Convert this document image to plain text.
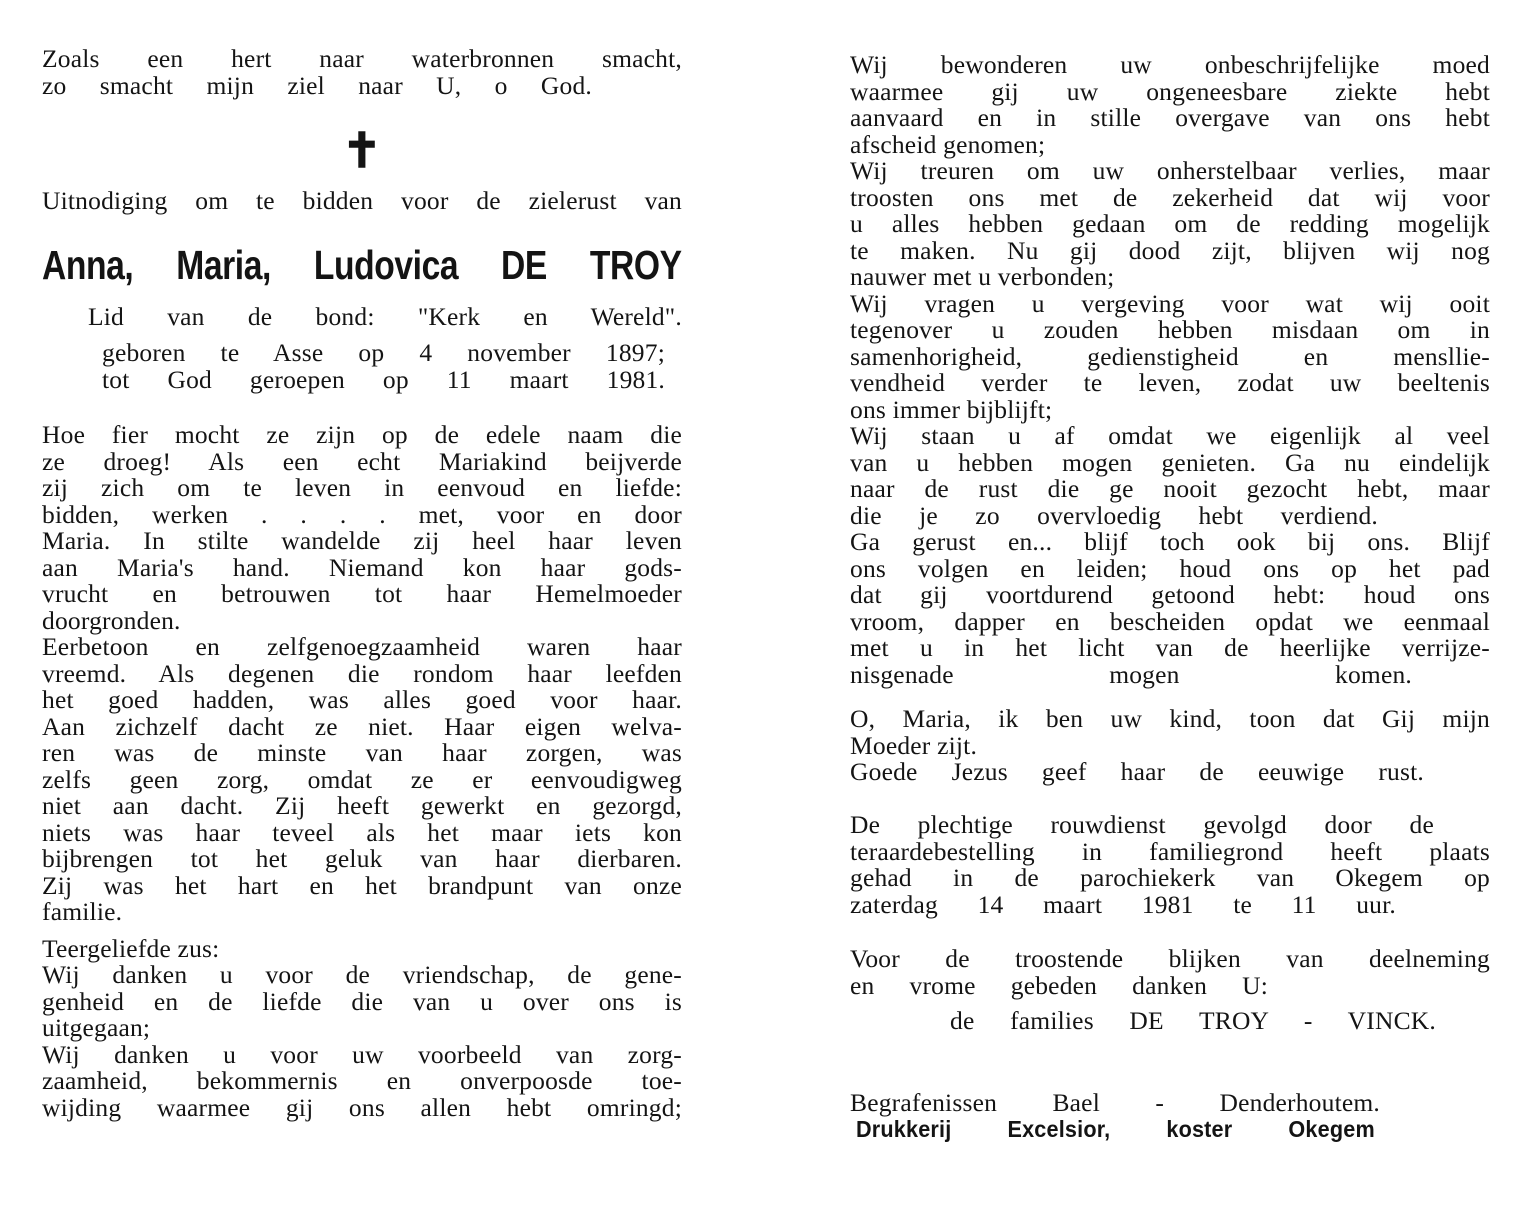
Zoals een hert naar waterbronnen smacht,
zo smacht mijn ziel naar U, o God.
✝
Uitnodiging om te bidden voor de zielerust van
Anna, Maria, Ludovica DE TROY
Lid van de bond: "Kerk en Wereld".
geboren te Asse op 4 november 1897;
tot God geroepen op 11 maart 1981.
Hoe fier mocht ze zijn op de edele naam die
ze droeg! Als een echt Mariakind beijverde
zij zich om te leven in eenvoud en liefde:
bidden, werken . . . . met, voor en door
Maria. In stilte wandelde zij heel haar leven
aan Maria's hand. Niemand kon haar gods-
vrucht en betrouwen tot haar Hemelmoeder
doorgronden.
Eerbetoon en zelfgenoegzaamheid waren haar
vreemd. Als degenen die rondom haar leefden
het goed hadden, was alles goed voor haar.
Aan zichzelf dacht ze niet. Haar eigen welva-
ren was de minste van haar zorgen, was
zelfs geen zorg, omdat ze er eenvoudigweg
niet aan dacht. Zij heeft gewerkt en gezorgd,
niets was haar teveel als het maar iets kon
bijbrengen tot het geluk van haar dierbaren.
Zij was het hart en het brandpunt van onze
familie.
Teergeliefde zus:
Wij danken u voor de vriendschap, de gene-
genheid en de liefde die van u over ons is
uitgegaan;
Wij danken u voor uw voorbeeld van zorg-
zaamheid, bekommernis en onverpoosde toe-
wijding waarmee gij ons allen hebt omringd;
Wij bewonderen uw onbeschrijfelijke moed
waarmee gij uw ongeneesbare ziekte hebt
aanvaard en in stille overgave van ons hebt
afscheid genomen;
Wij treuren om uw onherstelbaar verlies, maar
troosten ons met de zekerheid dat wij voor
u alles hebben gedaan om de redding mogelijk
te maken. Nu gij dood zijt, blijven wij nog
nauwer met u verbonden;
Wij vragen u vergeving voor wat wij ooit
tegenover u zouden hebben misdaan om in
samenhorigheid, gedienstigheid en mensllie-
vendheid verder te leven, zodat uw beeltenis
ons immer bijblijft;
Wij staan u af omdat we eigenlijk al veel
van u hebben mogen genieten. Ga nu eindelijk
naar de rust die ge nooit gezocht hebt, maar
die je zo overvloedig hebt verdiend.
Ga gerust en... blijf toch ook bij ons. Blijf
ons volgen en leiden; houd ons op het pad
dat gij voortdurend getoond hebt: houd ons
vroom, dapper en bescheiden opdat we eenmaal
met u in het licht van de heerlijke verrijze-
nisgenade mogen komen.
O, Maria, ik ben uw kind, toon dat Gij mijn
Moeder zijt.
Goede Jezus geef haar de eeuwige rust.
De plechtige rouwdienst gevolgd door de
teraardebestelling in familiegrond heeft plaats
gehad in de parochiekerk van Okegem op
zaterdag 14 maart 1981 te 11 uur.
Voor de troostende blijken van deelneming
en vrome gebeden danken U:
de families DE TROY - VINCK.
Begrafenissen Bael - Denderhoutem.
Drukkerij Excelsior, koster Okegem
